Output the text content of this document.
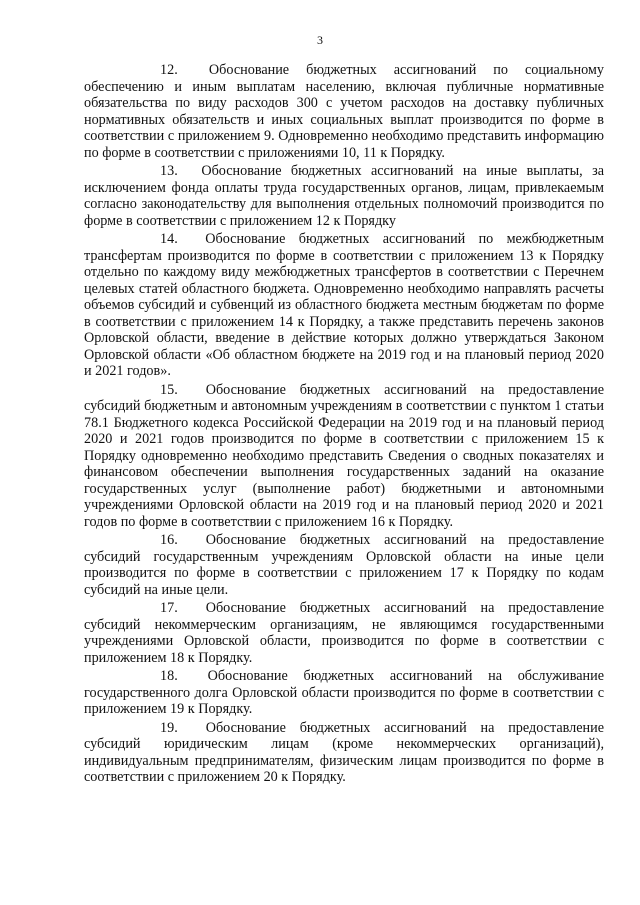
3

12.     Обоснование бюджетных ассигнований по социальному обеспечению и иным выплатам населению, включая публичные нормативные обязательства по виду расходов 300 с учетом расходов на доставку публичных нормативных обязательств и иных социальных выплат производится по форме в соответствии с приложением 9. Одновременно необходимо представить информацию по форме в соответствии с приложениями 10, 11 к Порядку.

13.     Обоснование бюджетных ассигнований на иные выплаты, за исключением фонда оплаты труда государственных органов, лицам, привлекаемым согласно законодательству для выполнения отдельных полномочий производится по форме в соответствии с приложением 12 к Порядку

14.     Обоснование бюджетных ассигнований по межбюджетным трансфертам производится по форме в соответствии с приложением 13 к Порядку отдельно по каждому виду межбюджетных трансфертов в соответствии с Перечнем целевых статей областного бюджета. Одновременно необходимо направлять расчеты объемов субсидий и субвенций из областного бюджета местным бюджетам по форме в соответствии с приложением 14 к Порядку, а также представить перечень законов Орловской области, введение в действие которых должно утверждаться Законом Орловской области «Об областном бюджете на 2019 год и на плановый период 2020 и 2021 годов».

15.     Обоснование бюджетных ассигнований на предоставление субсидий бюджетным и автономным учреждениям в соответствии с пунктом 1 статьи 78.1 Бюджетного кодекса Российской Федерации на 2019 год и на плановый период 2020 и 2021 годов производится по форме в соответствии с приложением 15 к Порядку одновременно необходимо представить Сведения о сводных показателях и финансовом обеспечении выполнения государственных заданий на оказание государственных услуг (выполнение работ) бюджетными и автономными учреждениями Орловской области на 2019 год и на плановый период 2020 и 2021 годов по форме в соответствии с приложением 16 к Порядку.

16.     Обоснование бюджетных ассигнований на предоставление субсидий государственным учреждениям Орловской области на иные цели производится по форме в соответствии с приложением 17 к Порядку по кодам субсидий на иные цели.

17.     Обоснование бюджетных ассигнований на предоставление субсидий некоммерческим организациям, не являющимся государственными учреждениями Орловской области, производится по форме в соответствии с приложением 18 к Порядку.

18.     Обоснование бюджетных ассигнований на обслуживание государственного долга Орловской области производится по форме в соответствии с приложением 19 к Порядку.

19.     Обоснование бюджетных ассигнований на предоставление субсидий юридическим лицам (кроме некоммерческих организаций), индивидуальным предпринимателям, физическим лицам производится по форме в соответствии с приложением 20 к Порядку.
